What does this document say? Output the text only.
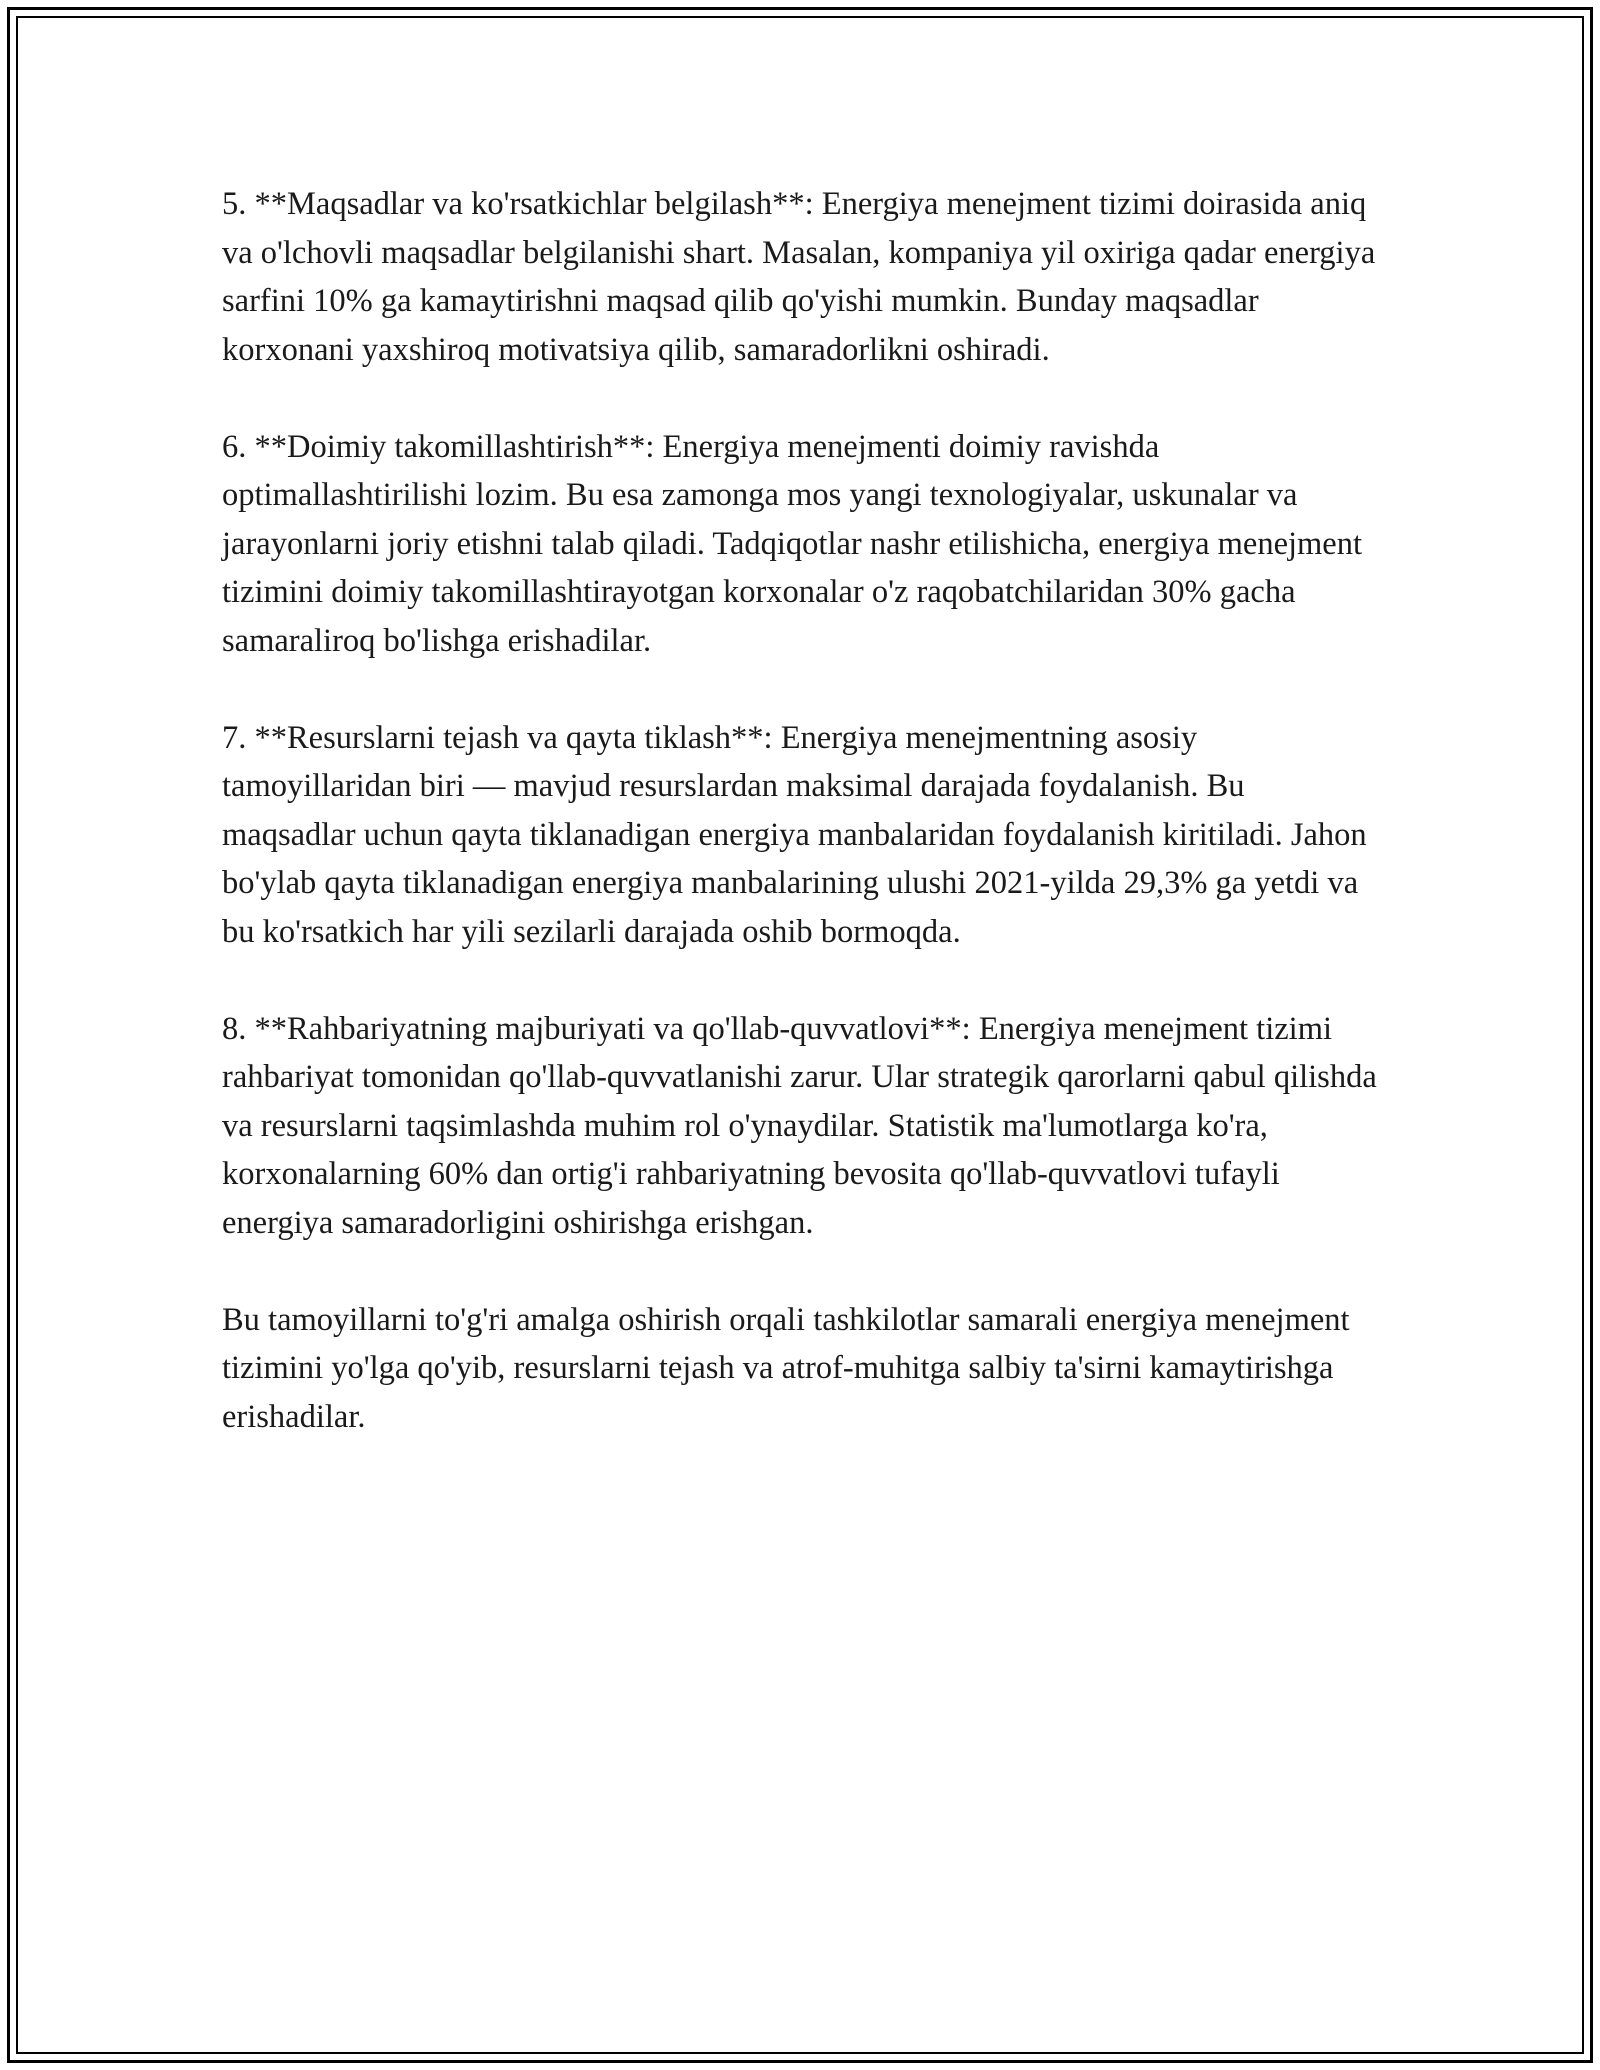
5. **Maqsadlar va ko'rsatkichlar belgilash**: Energiya menejment tizimi doirasida aniq va o'lchovli maqsadlar belgilanishi shart. Masalan, kompaniya yil oxiriga qadar energiya sarfini 10% ga kamaytirishni maqsad qilib qo'yishi mumkin. Bunday maqsadlar korxonani yaxshiroq motivatsiya qilib, samaradorlikni oshiradi.

6. **Doimiy takomillashtirish**: Energiya menejmenti doimiy ravishda optimallashtirilishi lozim. Bu esa zamonga mos yangi texnologiyalar, uskunalar va jarayonlarni joriy etishni talab qiladi. Tadqiqotlar nashr etilishicha, energiya menejment tizimini doimiy takomillashtirayotgan korxonalar o'z raqobatchilaridan 30% gacha samaraliroq bo'lishga erishadilar.

7. **Resurslarni tejash va qayta tiklash**: Energiya menejmentning asosiy tamoyillaridan biri — mavjud resurslardan maksimal darajada foydalanish. Bu maqsadlar uchun qayta tiklanadigan energiya manbalaridan foydalanish kiritiladi. Jahon bo'ylab qayta tiklanadigan energiya manbalarining ulushi 2021-yilda 29,3% ga yetdi va bu ko'rsatkich har yili sezilarli darajada oshib bormoqda.

8. **Rahbariyatning majburiyati va qo'llab-quvvatlovi**: Energiya menejment tizimi rahbariyat tomonidan qo'llab-quvvatlanishi zarur. Ular strategik qarorlarni qabul qilishda va resurslarni taqsimlashda muhim rol o'ynaydilar. Statistik ma'lumotlarga ko'ra, korxonalarning 60% dan ortig'i rahbariyatning bevosita qo'llab-quvvatlovi tufayli energiya samaradorligini oshirishga erishgan.

Bu tamoyillarni to'g'ri amalga oshirish orqali tashkilotlar samarali energiya menejment tizimini yo'lga qo'yib, resurslarni tejash va atrof-muhitga salbiy ta'sirni kamaytirishga erishadilar.
